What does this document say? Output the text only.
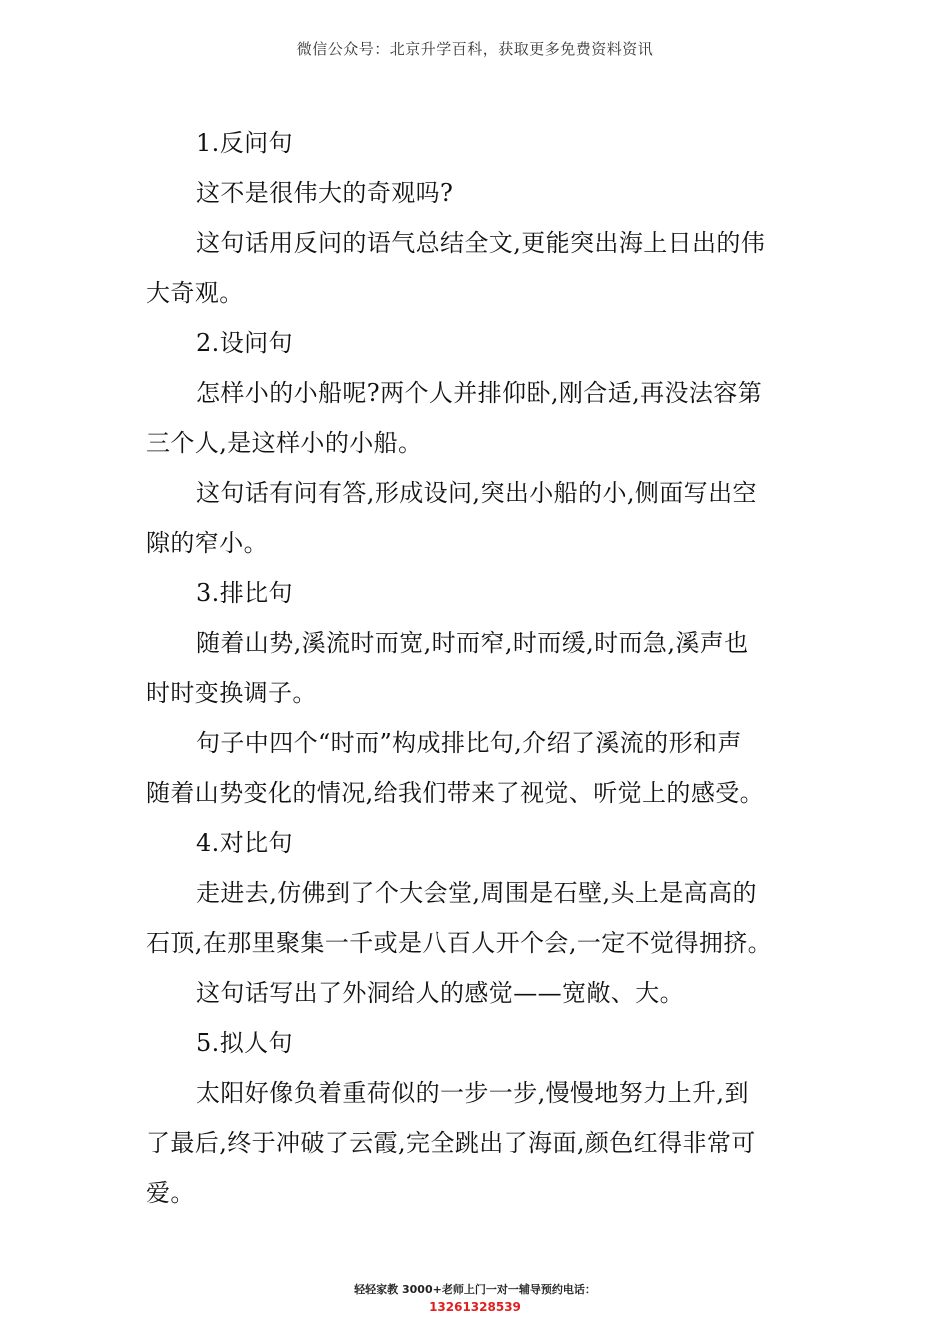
微信公众号：北京升学百科，获取更多免费资料资讯
1.反问句
这不是很伟大的奇观吗?
这句话用反问的语气总结全文,更能突出海上日出的伟
大奇观。
2.设问句
怎样小的小船呢?两个人并排仰卧,刚合适,再没法容第
三个人,是这样小的小船。
这句话有问有答,形成设问,突出小船的小,侧面写出空
隙的窄小。
3.排比句
随着山势,溪流时而宽,时而窄,时而缓,时而急,溪声也
时时变换调子。
句子中四个“时而”构成排比句,介绍了溪流的形和声
随着山势变化的情况,给我们带来了视觉、听觉上的感受。
4.对比句
走进去,仿佛到了个大会堂,周围是石壁,头上是高高的
石顶,在那里聚集一千或是八百人开个会,一定不觉得拥挤。
这句话写出了外洞给人的感觉——宽敞、大。
5.拟人句
太阳好像负着重荷似的一步一步,慢慢地努力上升,到
了最后,终于冲破了云霞,完全跳出了海面,颜色红得非常可
爱。
轻轻家教 3000+老师上门一对一辅导预约电话：
13261328539
